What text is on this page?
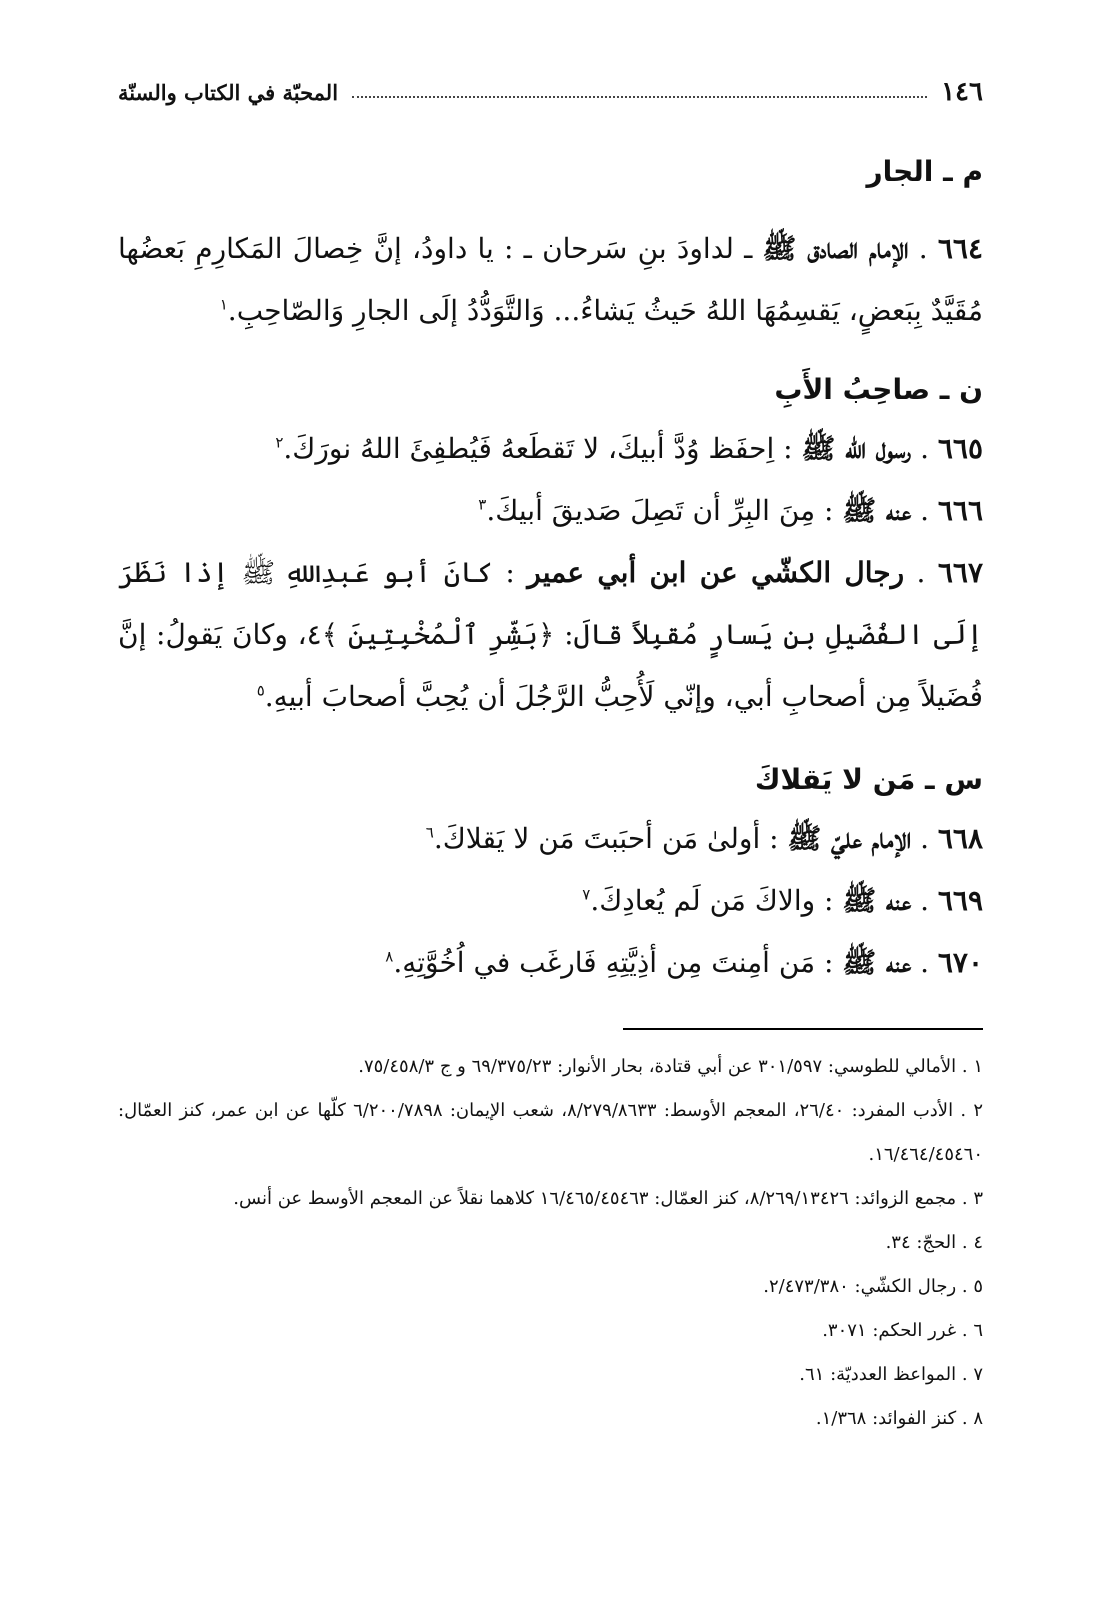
١٤٦
المحبّة في الكتاب والسنّة
م ـ الجار
٦٦٤ . الإمام الصادق ﷺ ـ لداودَ بنِ سَرحان ـ : يا داودُ، إنَّ خِصالَ المَكارِمِ بَعضُها مُقَيَّدٌ بِبَعضٍ، يَقسِمُهَا اللهُ حَيثُ يَشاءُ... وَالتَّوَدُّدُ إلَى الجارِ وَالصّاحِبِ.$^١$
ن ـ صاحِبُ الأَبِ
٦٦٥ . رسول الله ﷺ : اِحفَظ وُدَّ أبيكَ، لا تَقطَعهُ فَيُطفِئَ اللهُ نورَكَ.$^٢$
٦٦٦ . عنه ﷺ : مِنَ البِرِّ أن تَصِلَ صَديقَ أبيكَ.$^٣$
٦٦٧ . رجال الكشّي عن ابن أبي عمير : كانَ أبو عَبدِاللهِ ﷺ إذا نَظَرَ إلَى الفُضَيلِ بنِ يَسارٍ مُقبِلاً قالَ: ﴿بَشِّرِ ٱلْمُخْبِتِينَ ﴾٤، وكانَ يَقولُ: إنَّ فُضَيلاً مِن أصحابِ أبي، وإنّي لَأُحِبُّ الرَّجُلَ أن يُحِبَّ أصحابَ أبيهِ.$^٥$
س ـ مَن لا يَقلاكَ
٦٦٨ . الإمام عليّ ﷺ : أولىٰ مَن أحبَبتَ مَن لا يَقلاكَ.$^٦$
٦٦٩ . عنه ﷺ : والاكَ مَن لَم يُعادِكَ.$^٧$
٦٧٠ . عنه ﷺ : مَن أمِنتَ مِن أذِيَّتِهِ فَارغَب في اُخُوَّتِهِ.$^٨$
١ . الأمالي للطوسي: ٣٠١/٥٩٧ عن أبي قتادة، بحار الأنوار: ٦٩/٣٧٥/٢٣ و ج ٧٥/٤٥٨/٣.
٢ . الأدب المفرد: ٢٦/٤٠، المعجم الأوسط: ٨/٢٧٩/٨٦٣٣، شعب الإيمان: ٦/٢٠٠/٧٨٩٨ كلّها عن ابن عمر، كنز العمّال: ١٦/٤٦٤/٤٥٤٦٠.
٣ . مجمع الزوائد: ٨/٢٦٩/١٣٤٢٦، كنز العمّال: ١٦/٤٦٥/٤٥٤٦٣ كلاهما نقلاً عن المعجم الأوسط عن أنس.
٤ . الحجّ: ٣٤.
٥ . رجال الكشّي: ٢/٤٧٣/٣٨٠.
٦ . غرر الحكم: ٣٠٧١.
٧ . المواعظ العدديّة: ٦١.
٨ . كنز الفوائد: ١/٣٦٨.
